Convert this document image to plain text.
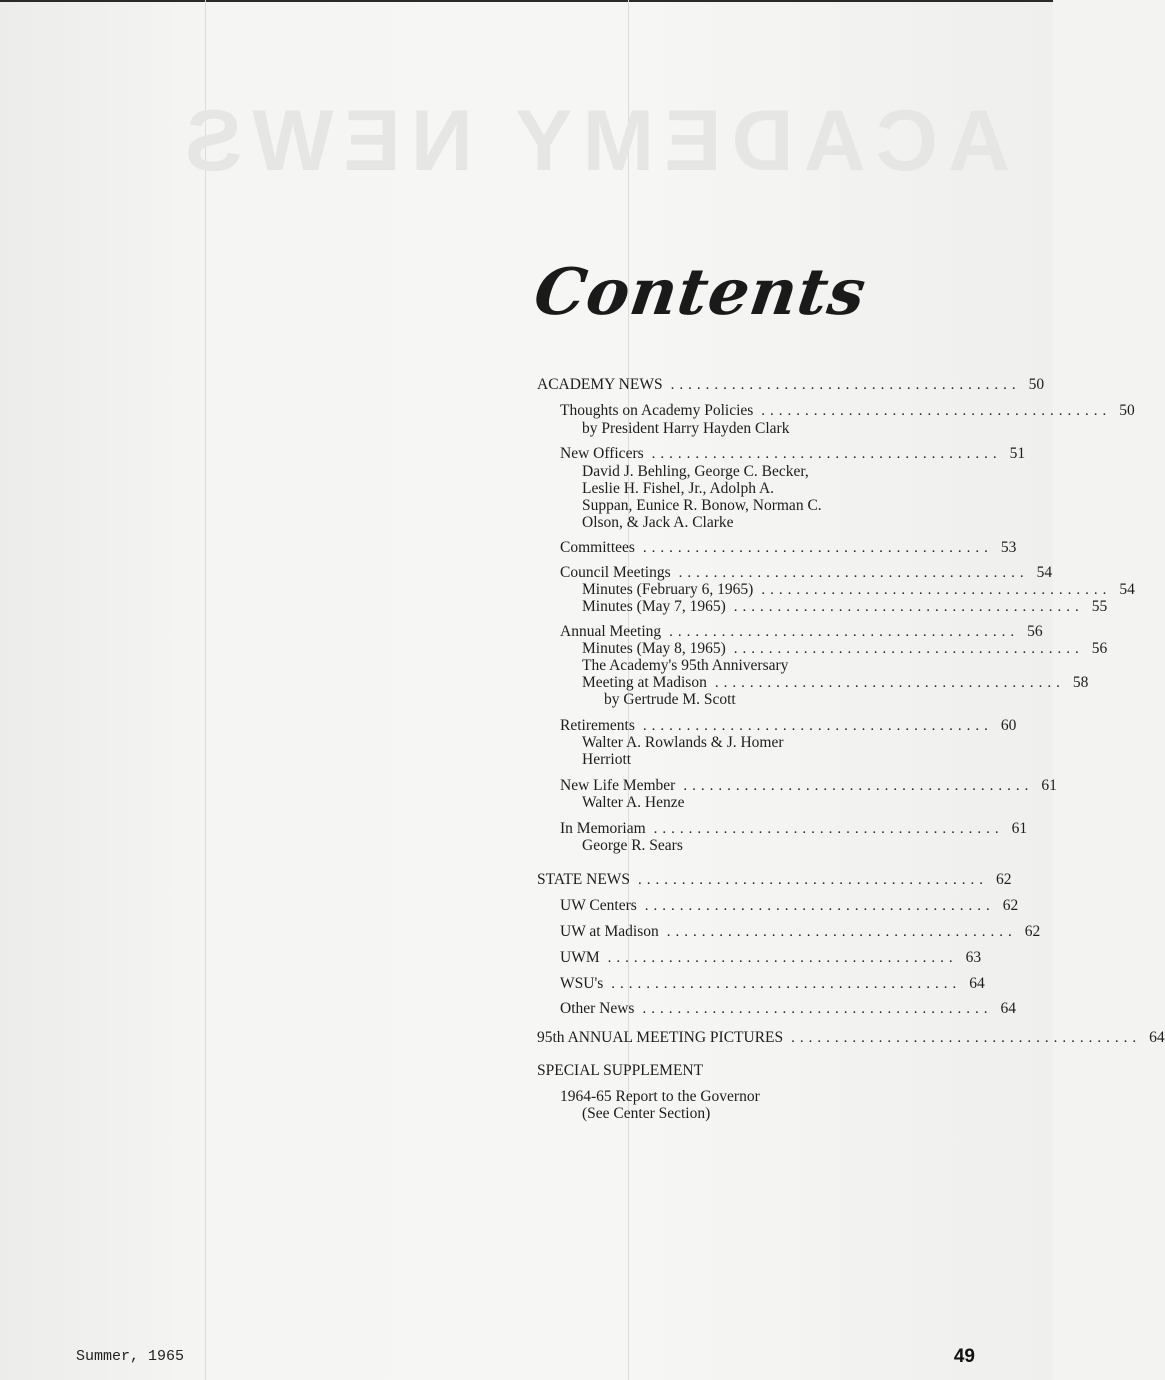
ACADEMY NEWS
Contents
ACADEMY NEWS ........................................ 50
Thoughts on Academy Policies ........................................ 50
by President Harry Hayden Clark
New Officers ........................................ 51
David J. Behling, George C. Becker,
Leslie H. Fishel, Jr., Adolph A.
Suppan, Eunice R. Bonow, Norman C.
Olson, & Jack A. Clarke
Committees ........................................ 53
Council Meetings ........................................ 54
Minutes (February 6, 1965) ........................................ 54
Minutes (May 7, 1965) ........................................ 55
Annual Meeting ........................................ 56
Minutes (May 8, 1965) ........................................ 56
The Academy's 95th Anniversary
Meeting at Madison ........................................ 58
by Gertrude M. Scott
Retirements ........................................ 60
Walter A. Rowlands & J. Homer
Herriott
New Life Member ........................................ 61
Walter A. Henze
In Memoriam ........................................ 61
George R. Sears
STATE NEWS ........................................ 62
UW Centers ........................................ 62
UW at Madison ........................................ 62
UWM ........................................ 63
WSU's ........................................ 64
Other News ........................................ 64
95th ANNUAL MEETING PICTURES ........................................ 64
SPECIAL SUPPLEMENT
1964-65 Report to the Governor
(See Center Section)
Summer, 1965	49
